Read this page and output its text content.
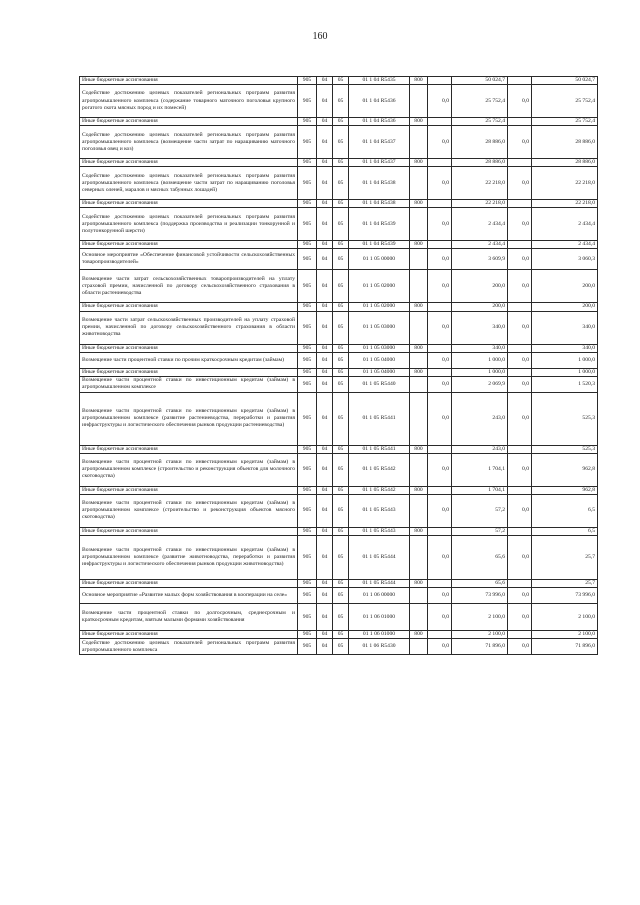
160
Иные бюджетные ассигнования	905	04	05	01 1 04 R5435	800		50 024,7		50 024,7
Содействие достижению целевых показателей региональных программ развития агропромышленного комплекса (содержание товарного маточного поголовья крупного рогатого скота мясных пород и их помесей)	905	04	05	01 1 04 R5436		0,0	25 752,4	0,0	25 752,4
Иные бюджетные ассигнования	905	04	05	01 1 04 R5436	800		25 752,4		25 752,4
Содействие достижению целевых показателей региональных программ развития агропромышленного комплекса (возмещение части затрат по наращиванию маточного поголовья овец и коз)	905	04	05	01 1 04 R5437		0,0	28 886,0	0,0	28 886,0
Иные бюджетные ассигнования	905	04	05	01 1 04 R5437	800		28 886,0		28 886,0
Содействие достижению целевых показателей региональных программ развития агропромышленного комплекса (возмещение части затрат по наращиванию поголовья северных оленей, маралов и мясных табунных лошадей)	905	04	05	01 1 04 R5438		0,0	22 218,0	0,0	22 218,0
Иные бюджетные ассигнования	905	04	05	01 1 04 R5438	800		22 218,0		22 218,0
Содействие достижению целевых показателей региональных программ развития агропромышленного комплекса (поддержка производства и реализации тонкорунной и полутонкорунной шерсти)	905	04	05	01 1 04 R5439		0,0	2 434,4	0,0	2 434,4
Иные бюджетные ассигнования	905	04	05	01 1 04 R5439	800		2 434,4		2 434,4
Основное мероприятие «Обеспечение финансовой устойчивости сельскохозяйственных товаропроизводителей»	905	04	05	01 1 05 00000		0,0	3 609,9	0,0	3 060,3
Возмещение части затрат сельскохозяйственных товаропроизводителей на уплату страховой премии, начисленной по договору сельскохозяйственного страхования в области растениеводства	905	04	05	01 1 05 02000		0,0	200,0	0,0	200,0
Иные бюджетные ассигнования	905	04	05	01 1 05 02000	800		200,0		200,0
Возмещение части затрат сельскохозяйственных производителей на уплату страховой премии, начисленной по договору сельскохозяйственного страхования в области животноводства	905	04	05	01 1 05 03000		0,0	340,0	0,0	340,0
Иные бюджетные ассигнования	905	04	05	01 1 05 03000	800		340,0		340,0
Возмещение части процентной ставки по прочим краткосрочным кредитам (займам)	905	04	05	01 1 05 04000		0,0	1 000,0	0,0	1 000,0
Иные бюджетные ассигнования	905	04	05	01 1 05 04000	800		1 000,0		1 000,0
Возмещение части процентной ставки по инвестиционным кредитам (займам) в агропромышленном комплексе	905	04	05	01 1 05 R5440		0,0	2 069,9	0,0	1 520,3
Возмещение части процентной ставки по инвестиционным кредитам (займам) в агропромышленном комплексе (развитие растениеводства, переработки и развития инфраструктуры и логистического обеспечения рынков продукции растениеводства)	905	04	05	01 1 05 R5441		0,0	243,0	0,0	525,3
Иные бюджетные ассигнования	905	04	05	01 1 05 R5441	800		243,0		525,3
Возмещение части процентной ставки по инвестиционным кредитам (займам) в агропромышленном комплексе (строительство и реконструкция объектов для молочного скотоводства)	905	04	05	01 1 05 R5442		0,0	1 704,1	0,0	962,8
Иные бюджетные ассигнования	905	04	05	01 1 05 R5442	800		1 704,1		962,8
Возмещение части процентной ставки по инвестиционным кредитам (займам) в агропромышленном комплексе (строительство и реконструкция объектов мясного скотоводства)	905	04	05	01 1 05 R5443		0,0	57,2	0,0	6,5
Иные бюджетные ассигнования	905	04	05	01 1 05 R5443	800		57,2		6,5
Возмещение части процентной ставки по инвестиционным кредитам (займам) в агропромышленном комплексе (развитие животноводства, переработки и развития инфраструктуры и логистического обеспечения рынков продукции животноводства)	905	04	05	01 1 05 R5444		0,0	65,6	0,0	25,7
Иные бюджетные ассигнования	905	04	05	01 1 05 R5444	800		65,6		25,7
Основное мероприятие «Развитие малых форм хозяйствования в кооперации на селе»	905	04	05	01 1 06 00000		0,0	73 996,0	0,0	73 996,0
Возмещение части процентной ставки по долгосрочным, среднесрочным и краткосрочным кредитам, взятым малыми формами хозяйствования	905	04	05	01 1 06 01000		0,0	2 100,0	0,0	2 100,0
Иные бюджетные ассигнования	905	04	05	01 1 06 01000	800		2 100,0		2 100,0
Содействие достижению целевых показателей региональных программ развития агропромышленного комплекса	905	04	05	01 1 06 R5430		0,0	71 896,0	0,0	71 896,0
